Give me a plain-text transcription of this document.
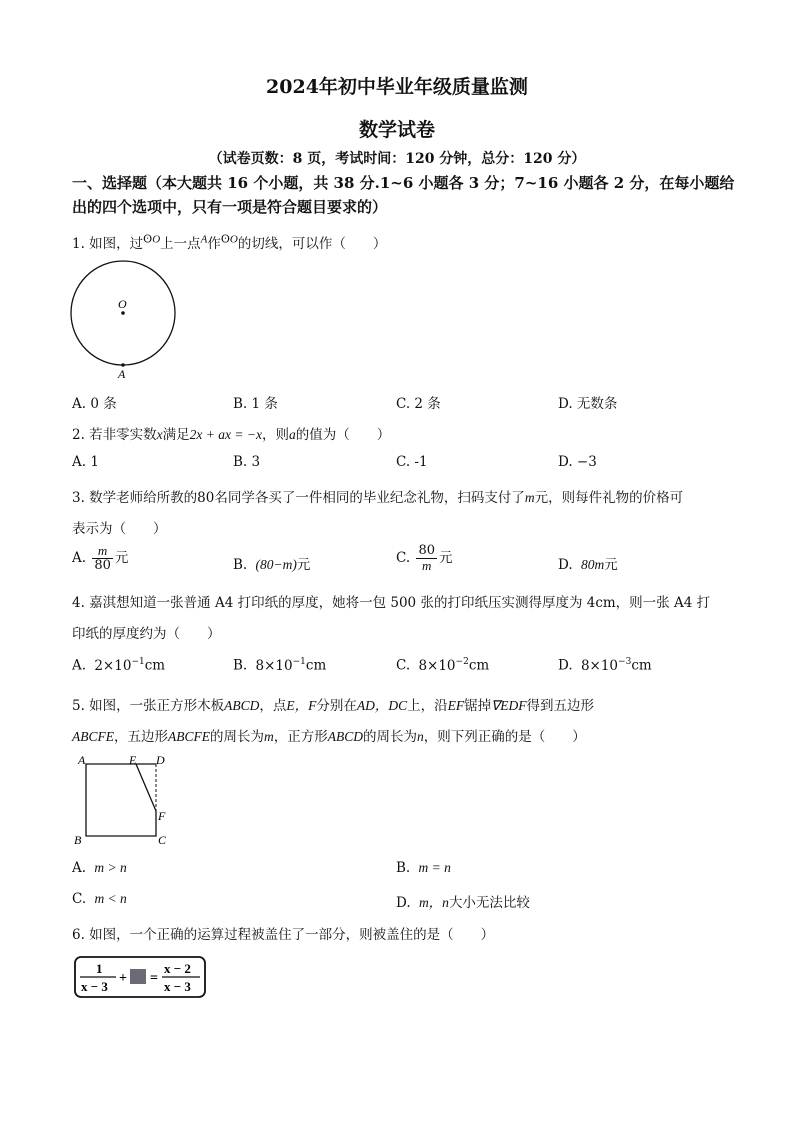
2024年初中毕业年级质量监测
数学试卷
（试卷页数：8 页，考试时间：120 分钟，总分：120 分）
一、选择题（本大题共 16 个小题，共 38 分.1~6 小题各 3 分；7~16 小题各 2 分，在每小题给
出的四个选项中，只有一项是符合题目要求的）
1. 如图，过$^{ʘO}$上一点$^A$作$^{ʘO}$的切线，可以作（　　）
O
A
A. 0 条	B. 1 条	C. 2 条	D. 无数条
2. 若非零实数x满足2x + ax = −x，则a的值为（　　）
A. 1	B. 3	C. -1	D. −3
3. 数学老师给所教的80名同学各买了一件相同的毕业纪念礼物，扫码支付了m元，则每件礼物的价格可
表示为（　　）
A. $\frac{m}{80}$ 元	B. (80−m)元	C. $\frac{80}{m}$ 元	D. 80m元
4. 嘉淇想知道一张普通 A4 打印纸的厚度，她将一包 500 张的打印纸压实测得厚度为 4cm，则一张 A4 打
印纸的厚度约为（　　）
A. $2\times 10^{-1}cm$	B. $8\times 10^{-1}cm$	C. $8\times 10^{-2}cm$	D. $8\times 10^{-3}cm$
5. 如图，一张正方形木板ABCD，点E，F分别在AD，DC上，沿EF锯掉∇EDF得到五边形
ABCFE，五边形ABCFE的周长为m，正方形ABCD的周长为n，则下列正确的是（　　）
A	E D
F
B	C
A. m > n	B. m = n
C. m < n	D. m，n大小无法比较
6. 如图，一个正确的运算过程被盖住了一部分，则被盖住的是（　　）
1
x − 3
+ =
x − 2
x − 3
